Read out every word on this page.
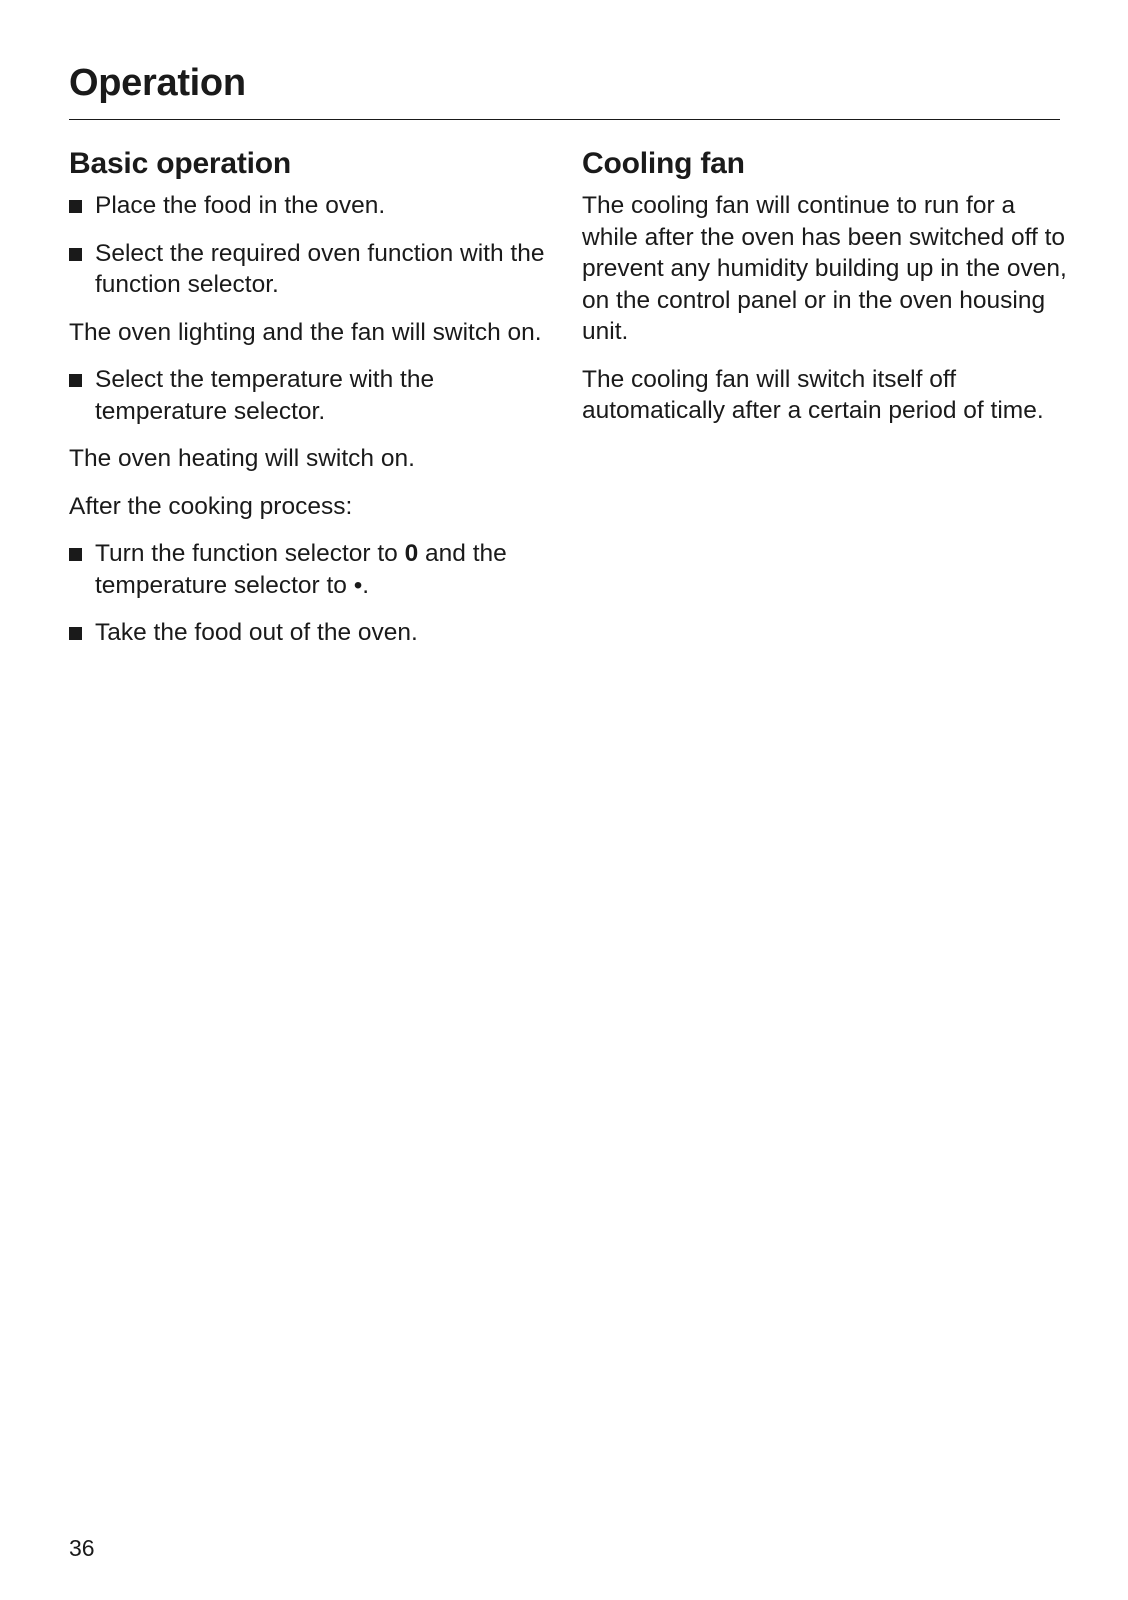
Operation
Basic operation

Place the food in the oven.

Select the required oven function with the function selector.

The oven lighting and the fan will switch on.

Select the temperature with the temperature selector.

The oven heating will switch on.

After the cooking process:

Turn the function selector to 0 and the temperature selector to •.

Take the food out of the oven.

Cooling fan

The cooling fan will continue to run for a while after the oven has been switched off to prevent any humidity building up in the oven, on the control panel or in the oven housing unit.

The cooling fan will switch itself off automatically after a certain period of time.

36
